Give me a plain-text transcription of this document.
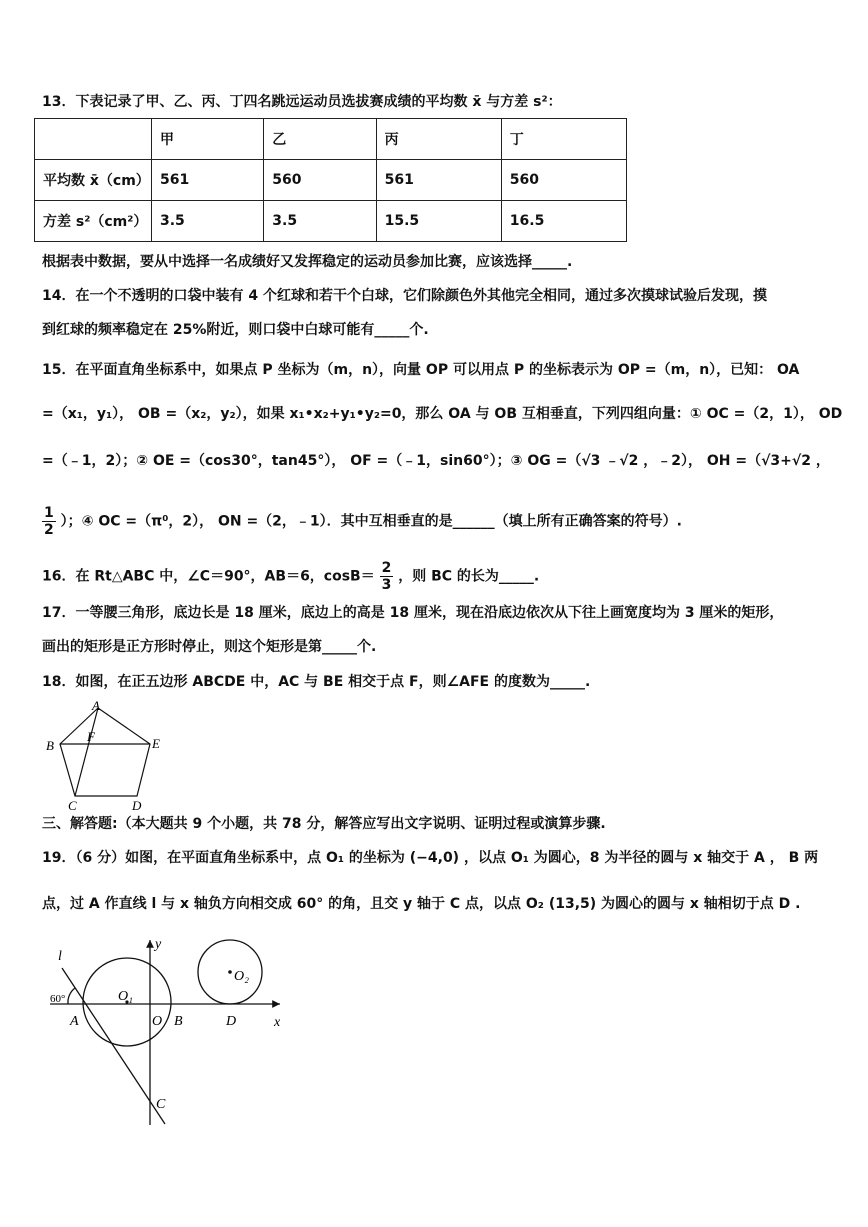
13．下表记录了甲、乙、丙、丁四名跳远运动员选拔赛成绩的平均数 x̄ 与方差 s²：
	甲	乙	丙	丁
平均数 x̄（cm）	561	560	561	560
方差 s²（cm²）	3.5	3.5	15.5	16.5
根据表中数据，要从中选择一名成绩好又发挥稳定的运动员参加比赛，应该选择_____.
14．在一个不透明的口袋中装有 4 个红球和若干个白球，它们除颜色外其他完全相同，通过多次摸球试验后发现，摸
到红球的频率稳定在 25%附近，则口袋中白球可能有_____个.
15．在平面直角坐标系中，如果点 P 坐标为（m，n），向量 OP 可以用点 P 的坐标表示为 OP =（m，n），已知： OA
=（x₁，y₁）， OB =（x₂，y₂），如果 x₁•x₂+y₁•y₂=0，那么 OA 与 OB 互相垂直，下列四组向量：① OC =（2，1）， OD
=（﹣1，2）；② OE =（cos30°，tan45°）， OF =（﹣1，sin60°）；③ OG =（√3 ﹣√2 ，﹣2）， OH =（√3+√2 ，
$\frac{1}{2}$ ）；④ OC =（π⁰，2）， ON =（2，﹣1）．其中互相垂直的是______（填上所有正确答案的符号）.
16．在 Rt△ABC 中，∠C＝90°，AB＝6，$\cos B= \frac{2}{3}$ ，则 BC 的长为_____.
17．一等腰三角形，底边长是 18 厘米，底边上的高是 18 厘米，现在沿底边依次从下往上画宽度均为 3 厘米的矩形，
画出的矩形是正方形时停止，则这个矩形是第_____个.
18．如图，在正五边形 ABCDE 中，AC 与 BE 相交于点 F，则∠AFE 的度数为_____.
A
B
F	E
C	D
三、解答题:（本大题共 9 个小题，共 78 分，解答应写出文字说明、证明过程或演算步骤.
19．（6 分）如图，在平面直角坐标系中，点 O₁ 的坐标为 (−4,0) ，以点 O₁ 为圆心，8 为半径的圆与 x 轴交于 A ， B 两
点，过 A 作直线 l 与 x 轴负方向相交成 60° 的角，且交 y 轴于 C 点，以点 O₂ (13,5) 为圆心的圆与 x 轴相切于点 D .
y
x
l
60°
A
O₁
O B	D
O₂
C
